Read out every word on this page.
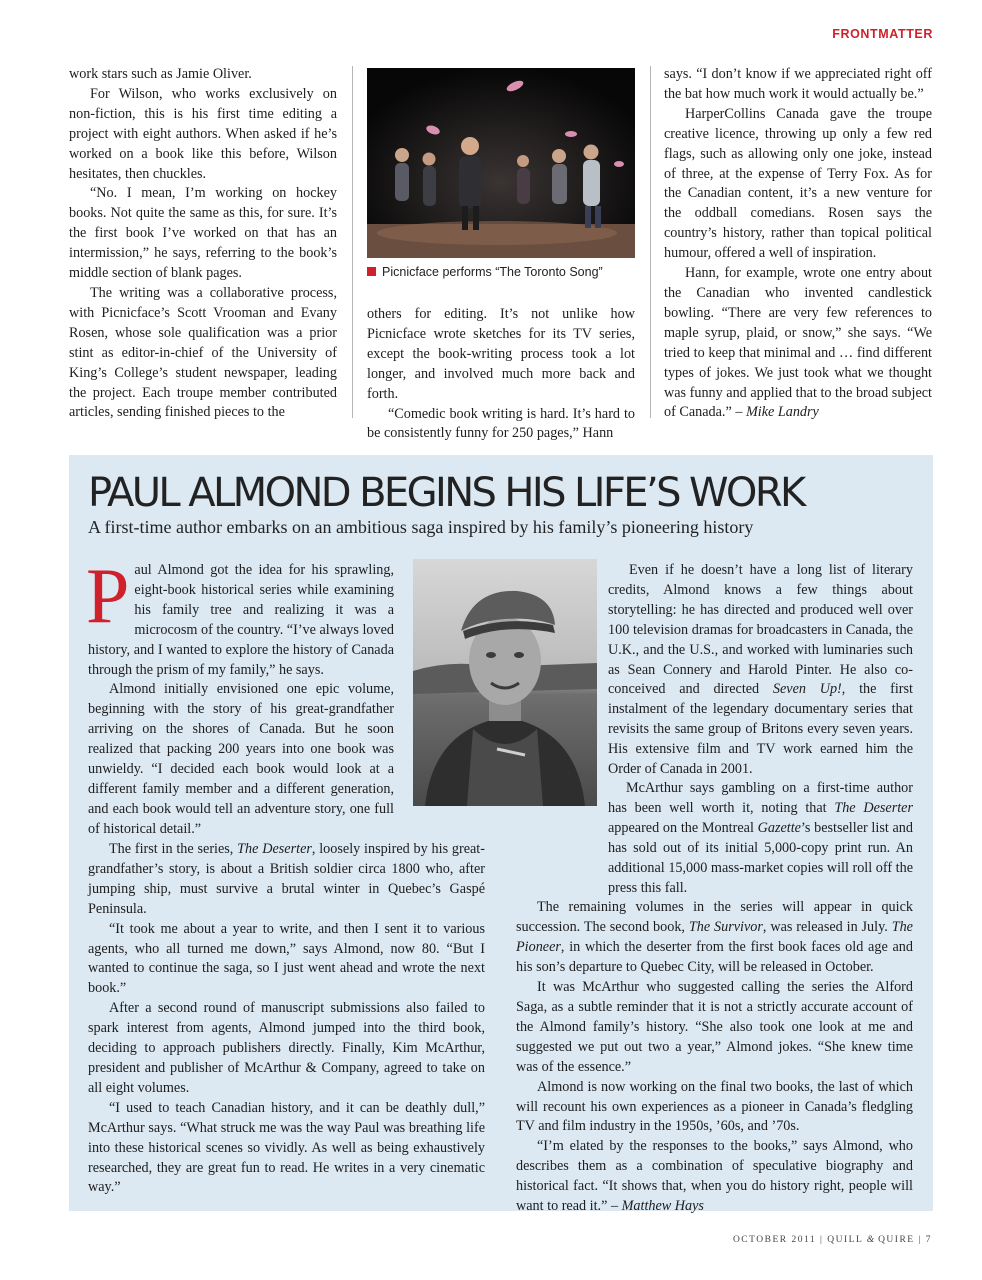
FRONTMATTER

work stars such as Jamie Oliver.

For Wilson, who works exclusively on non-fiction, this is his first time editing a project with eight authors. When asked if he’s worked on a book like this before, Wilson hesitates, then chuckles.

“No. I mean, I’m working on hockey books. Not quite the same as this, for sure. It’s the first book I’ve worked on that has an intermission,” he says, referring to the book’s middle section of blank pages.

The writing was a collaborative process, with Picnicface’s Scott Vrooman and Evany Rosen, whose sole qualification was a prior stint as editor-in-chief of the University of King’s College’s student newspaper, leading the project. Each troupe member contributed articles, sending finished pieces to the

Picnicface performs “The Toronto Song”

others for editing. It’s not unlike how Picnicface wrote sketches for its TV series, except the book-writing process took a lot longer, and involved much more back and forth.

“Comedic book writing is hard. It’s hard to be consistently funny for 250 pages,” Hann

says. “I don’t know if we appreciated right off the bat how much work it would actually be.”

HarperCollins Canada gave the troupe creative licence, throwing up only a few red flags, such as allowing only one joke, instead of three, at the expense of Terry Fox. As for the Canadian content, it’s a new venture for the oddball comedians. Rosen says the country’s history, rather than topical political humour, offered a well of inspiration.

Hann, for example, wrote one entry about the Canadian who invented candlestick bowling. “There are very few references to maple syrup, plaid, or snow,” she says. “We tried to keep that minimal and … find different types of jokes. We just took what we thought was funny and applied that to the broad subject of Canada.” – Mike Landry

PAUL ALMOND BEGINS HIS LIFE’S WORK
A first-time author embarks on an ambitious saga inspired by his family’s pioneering history

Paul Almond got the idea for his sprawling, eight-book historical series while examining his family tree and realizing it was a microcosm of the country. “I’ve always loved history, and I wanted to explore the history of Canada through the prism of my family,” he says.

Almond initially envisioned one epic volume, beginning with the story of his great-grandfather arriving on the shores of Canada. But he soon realized that packing 200 years into one book was unwieldy. “I decided each book would look at a different family member and a different generation, and each book would tell an adventure story, one full of historical detail.”

The first in the series, The Deserter, loosely inspired by his great-grandfather’s story, is about a British soldier circa 1800 who, after jumping ship, must survive a brutal winter in Quebec’s Gaspé Peninsula.

“It took me about a year to write, and then I sent it to various agents, who all turned me down,” says Almond, now 80. “But I wanted to continue the saga, so I just went ahead and wrote the next book.”

After a second round of manuscript submissions also failed to spark interest from agents, Almond jumped into the third book, deciding to approach publishers directly. Finally, Kim McArthur, president and publisher of McArthur & Company, agreed to take on all eight volumes.

“I used to teach Canadian history, and it can be deathly dull,” McArthur says. “What struck me was the way Paul was breathing life into these historical scenes so vividly. As well as being exhaustively researched, they are great fun to read. He writes in a very cinematic way.”

Even if he doesn’t have a long list of literary credits, Almond knows a few things about storytelling: he has directed and produced well over 100 television dramas for broadcasters in Canada, the U.K., and the U.S., and worked with luminaries such as Sean Connery and Harold Pinter. He also co-conceived and directed Seven Up!, the first instalment of the legendary documentary series that revisits the same group of Britons every seven years. His extensive film and TV work earned him the Order of Canada in 2001.

McArthur says gambling on a first-time author has been well worth it, noting that The Deserter appeared on the Montreal Gazette’s bestseller list and has sold out of its initial 5,000-copy print run. An additional 15,000 mass-market copies will roll off the press this fall.

The remaining volumes in the series will appear in quick succession. The second book, The Survivor, was released in July. The Pioneer, in which the deserter from the first book faces old age and his son’s departure to Quebec City, will be released in October.

It was McArthur who suggested calling the series the Alford Saga, as a subtle reminder that it is not a strictly accurate account of the Almond family’s history. “She also took one look at me and suggested we put out two a year,” Almond jokes. “She knew time was of the essence.”

Almond is now working on the final two books, the last of which will recount his own experiences as a pioneer in Canada’s fledgling TV and film industry in the 1950s, ’60s, and ’70s.

“I’m elated by the responses to the books,” says Almond, who describes them as a combination of speculative biography and historical fact. “It shows that, when you do history right, people will want to read it.” – Matthew Hays

OCTOBER 2011 | QUILL & QUIRE | 7
